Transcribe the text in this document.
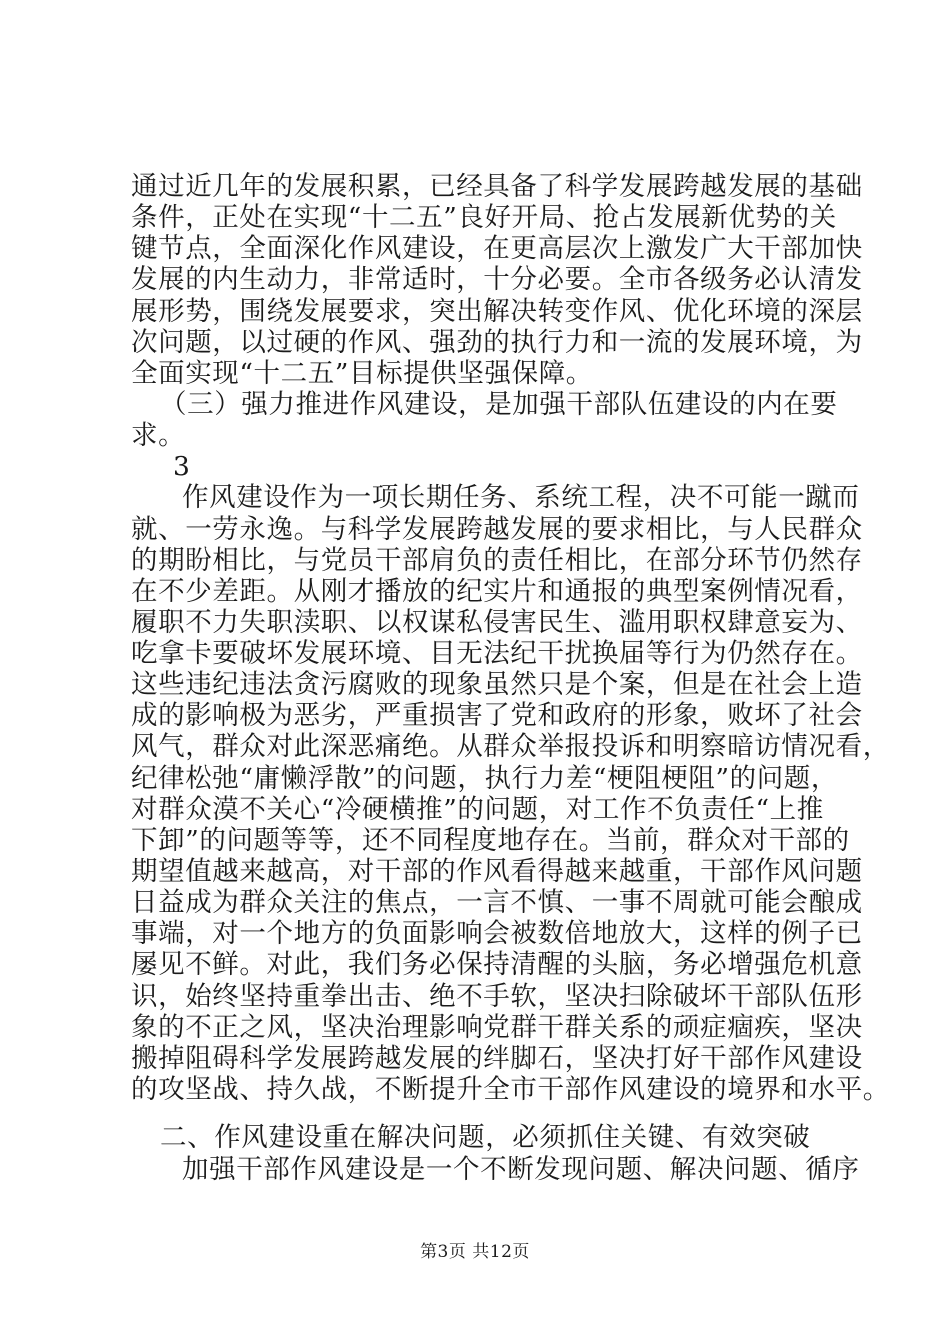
通过近几年的发展积累，已经具备了科学发展跨越发展的基础
条件，正处在实现“十二五”良好开局、抢占发展新优势的关
键节点，全面深化作风建设，在更高层次上激发广大干部加快
发展的内生动力，非常适时，十分必要。全市各级务必认清发
展形势，围绕发展要求，突出解决转变作风、优化环境的深层
次问题，以过硬的作风、强劲的执行力和一流的发展环境，为
全面实现“十二五”目标提供坚强保障。
（三）强力推进作风建设，是加强干部队伍建设的内在要
求。
3
作风建设作为一项长期任务、系统工程，决不可能一蹴而
就、一劳永逸。与科学发展跨越发展的要求相比，与人民群众
的期盼相比，与党员干部肩负的责任相比，在部分环节仍然存
在不少差距。从刚才播放的纪实片和通报的典型案例情况看，
履职不力失职渎职、以权谋私侵害民生、滥用职权肆意妄为、
吃拿卡要破坏发展环境、目无法纪干扰换届等行为仍然存在。
这些违纪违法贪污腐败的现象虽然只是个案，但是在社会上造
成的影响极为恶劣，严重损害了党和政府的形象，败坏了社会
风气，群众对此深恶痛绝。从群众举报投诉和明察暗访情况看，
纪律松弛“庸懒浮散”的问题，执行力差“梗阻梗阻”的问题，
对群众漠不关心“冷硬横推”的问题，对工作不负责任“上推
下卸”的问题等等，还不同程度地存在。当前，群众对干部的
期望值越来越高，对干部的作风看得越来越重，干部作风问题
日益成为群众关注的焦点，一言不慎、一事不周就可能会酿成
事端，对一个地方的负面影响会被数倍地放大，这样的例子已
屡见不鲜。对此，我们务必保持清醒的头脑，务必增强危机意
识，始终坚持重拳出击、绝不手软，坚决扫除破坏干部队伍形
象的不正之风，坚决治理影响党群干群关系的顽症痼疾，坚决
搬掉阻碍科学发展跨越发展的绊脚石，坚决打好干部作风建设
的攻坚战、持久战，不断提升全市干部作风建设的境界和水平。
二、作风建设重在解决问题，必须抓住关键、有效突破
加强干部作风建设是一个不断发现问题、解决问题、循序
第3页 共12页
